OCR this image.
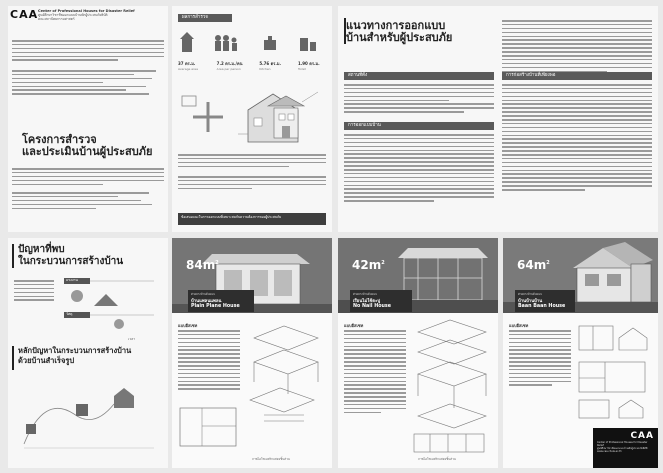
CAA Center of Professional Houses for Disaster Relief
ศูนย์ศึกษาวิชาชีพออกแบบบ้านพักผู้ประสบภัยพิบัติ
คณะสถาปัตยกรรมศาสตร์
โครงการสำรวจ
และประเมินบ้านผู้ประสบภัย
ผลการสำรวจ
37 ตร.ม.
Average area
7.2 ตร.ม./คน
Area per person
5.76 ตร.ม.
Kitchen
1.90 ตร.ม.
Toilet
ข้อเสนอแนะในการออกแบบที่เหมาะสมกับความต้องการของผู้ประสบภัย
แนวทางการออกแบบ
บ้านสำหรับผู้ประสบภัย
สถานที่ตั้ง
การออกแบบบ้าน
การก่อสร้างบ้านที่เพียงพอ
ปัญหาที่พบ
ในกระบวนการสร้างบ้าน
แรงงาน
วัสดุ
เวลา
หลักปัญหาในกระบวนการสร้างบ้าน
ด้วยบ้านสำเร็จรูป
$84m^2$
ตัวอย่างบ้านต้นแบบ
บ้านแพลนแพลน
Plain Plane House
แบบอีสเซท
ภาพไอโซเมตริกแสดงชิ้นส่วน
$42m^2$
ตัวอย่างบ้านต้นแบบ
เรือนไม่ใช้ตะปู
No Nail House
แบบอีสเซท
ภาพไอโซเมตริกแสดงชิ้นส่วน
$64m^2$
ตัวอย่างบ้านต้นแบบ
บ้านบ้านบ้าน
Baan Baan House
แบบอีสเซท
CAA
Center of Professional Houses for Disaster Relief
ศูนย์ศึกษาวิชาชีพออกแบบบ้านพักผู้ประสบภัยพิบัติ
www.caa.chula.ac.th
